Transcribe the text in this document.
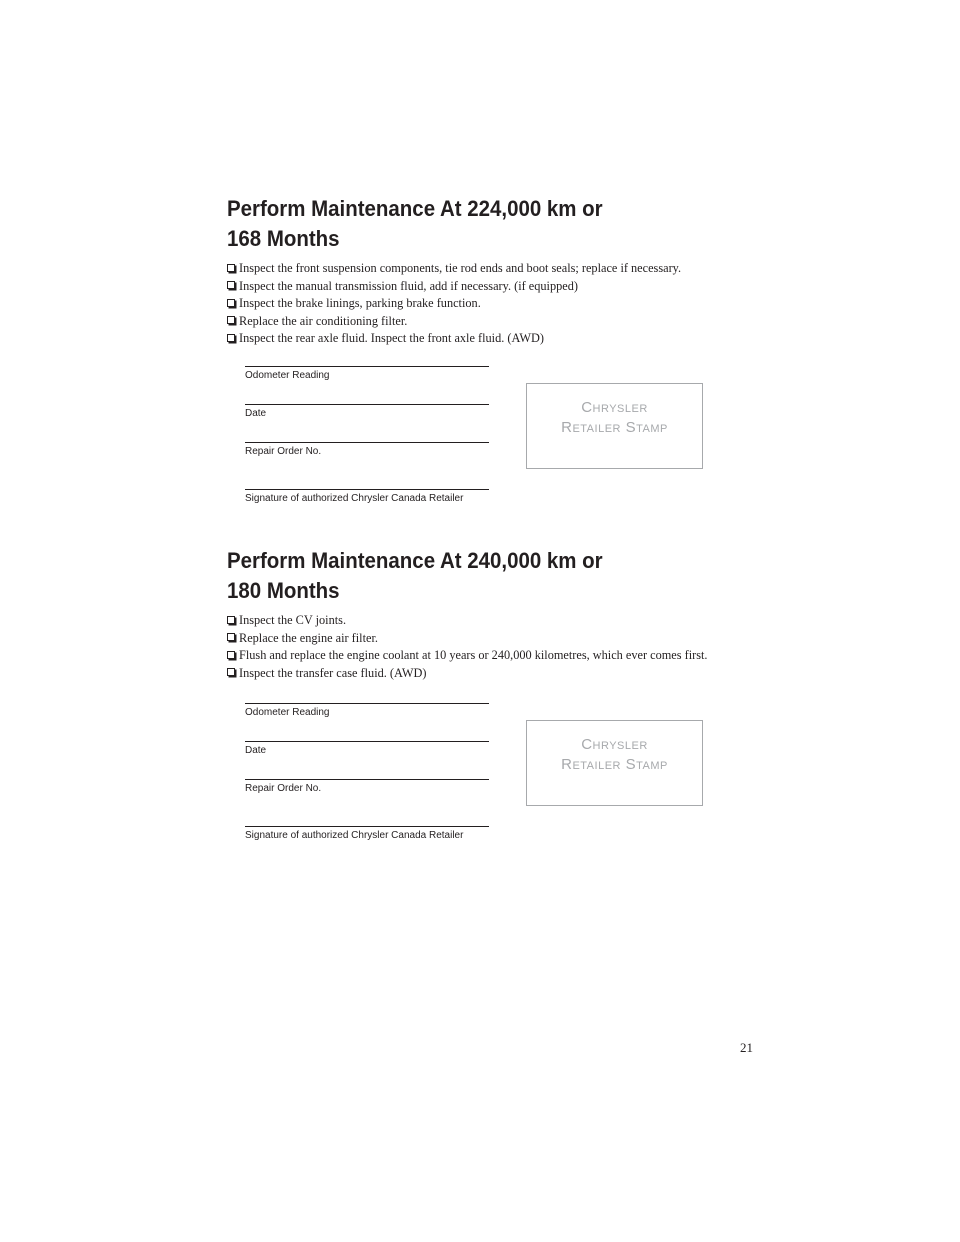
Perform Maintenance At 224,000 km or
168 Months
Inspect the front suspension components, tie rod ends and boot seals; replace if necessary.
Inspect the manual transmission fluid, add if necessary. (if equipped)
Inspect the brake linings, parking brake function.
Replace the air conditioning filter.
Inspect the rear axle fluid. Inspect the front axle fluid. (AWD)
Odometer Reading
Date
Repair Order No.
Signature of authorized Chrysler Canada Retailer
Chrysler
Retailer Stamp
Perform Maintenance At 240,000 km or
180 Months
Inspect the CV joints.
Replace the engine air filter.
Flush and replace the engine coolant at 10 years or 240,000 kilometres, which ever comes first.
Inspect the transfer case fluid. (AWD)
Odometer Reading
Date
Repair Order No.
Signature of authorized Chrysler Canada Retailer
Chrysler
Retailer Stamp
21
